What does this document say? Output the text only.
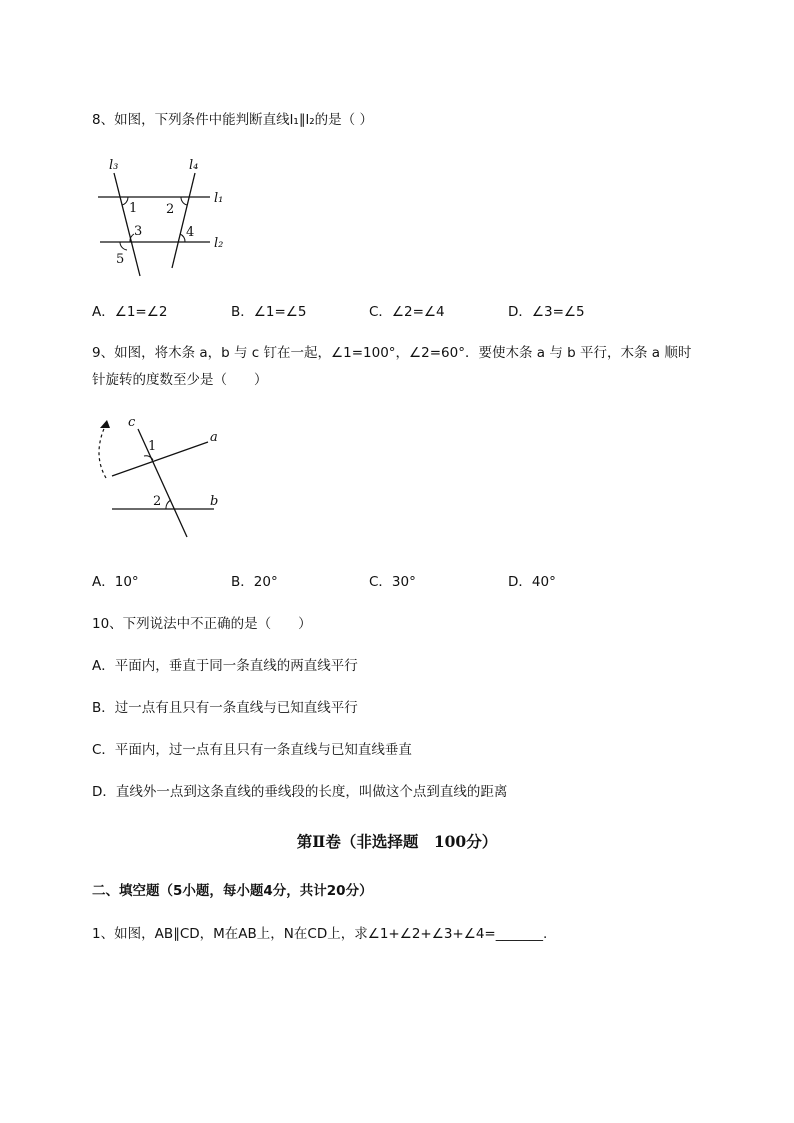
8、如图，下列条件中能判断直线l₁∥l₂的是（ ）
l₃	l₄
l₁
l₂
1 2
3	4
5
A．∠1=∠2	B．∠1=∠5	C．∠2=∠4	D．∠3=∠5
9、如图，将木条 a，b 与 c 钉在一起，∠1=100°，∠2=60°．要使木条 a 与 b 平行，木条 a 顺时
针旋转的度数至少是（　　）
c
a
b
1
2
A．10°	B．20°	C．30°	D．40°
10、下列说法中不正确的是（　　）
A．平面内，垂直于同一条直线的两直线平行
B．过一点有且只有一条直线与已知直线平行
C．平面内，过一点有且只有一条直线与已知直线垂直
D．直线外一点到这条直线的垂线段的长度，叫做这个点到直线的距离
第Ⅱ卷（非选择题　100分）
二、填空题（5小题，每小题4分，共计20分）
1、如图，AB∥CD，M在AB上，N在CD上，求∠1+∠2+∠3+∠4=_______.
